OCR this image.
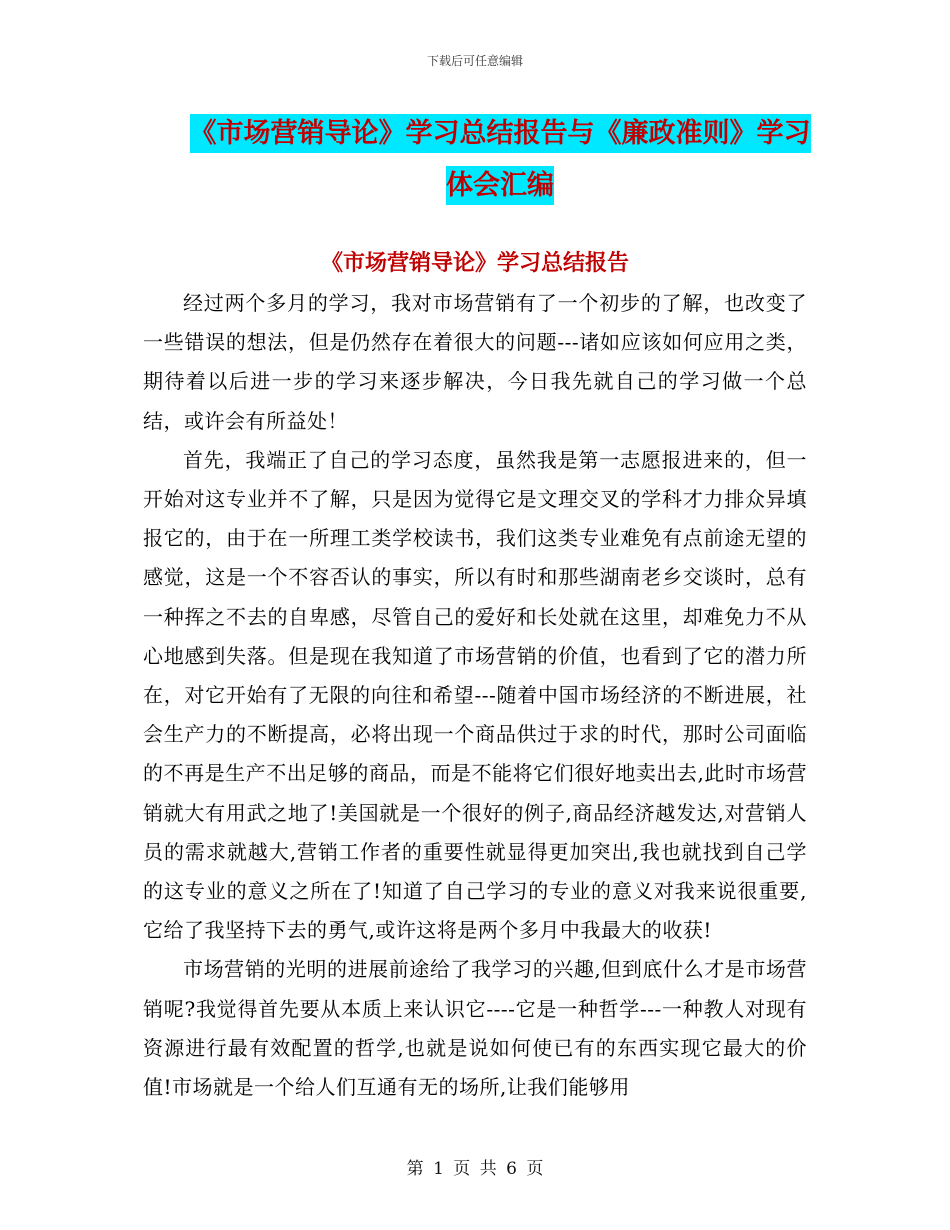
下载后可任意编辑
《市场营销导论》学习总结报告与《廉政准则》学习
体会汇编
《市场营销导论》学习总结报告

经过两个多月的学习，我对市场营销有了一个初步的了解，也改变了一些错误的想法，但是仍然存在着很大的问题---诸如应该如何应用之类，期待着以后进一步的学习来逐步解决，今日我先就自己的学习做一个总结，或许会有所益处！

首先，我端正了自己的学习态度，虽然我是第一志愿报进来的，但一开始对这专业并不了解，只是因为觉得它是文理交叉的学科才力排众异填报它的，由于在一所理工类学校读书，我们这类专业难免有点前途无望的感觉，这是一个不容否认的事实，所以有时和那些湖南老乡交谈时，总有一种挥之不去的自卑感，尽管自己的爱好和长处就在这里，却难免力不从心地感到失落。但是现在我知道了市场营销的价值，也看到了它的潜力所在，对它开始有了无限的向往和希望---随着中国市场经济的不断进展，社会生产力的不断提高，必将出现一个商品供过于求的时代，那时公司面临的不再是生产不出足够的商品，而是不能将它们很好地卖出去,此时市场营销就大有用武之地了!美国就是一个很好的例子,商品经济越发达,对营销人员的需求就越大,营销工作者的重要性就显得更加突出,我也就找到自己学的这专业的意义之所在了!知道了自己学习的专业的意义对我来说很重要,它给了我坚持下去的勇气,或许这将是两个多月中我最大的收获!

市场营销的光明的进展前途给了我学习的兴趣,但到底什么才是市场营销呢?我觉得首先要从本质上来认识它----它是一种哲学---一种教人对现有资源进行最有效配置的哲学,也就是说如何使已有的东西实现它最大的价值!市场就是一个给人们互通有无的场所,让我们能够用

第 1 页 共 6 页
